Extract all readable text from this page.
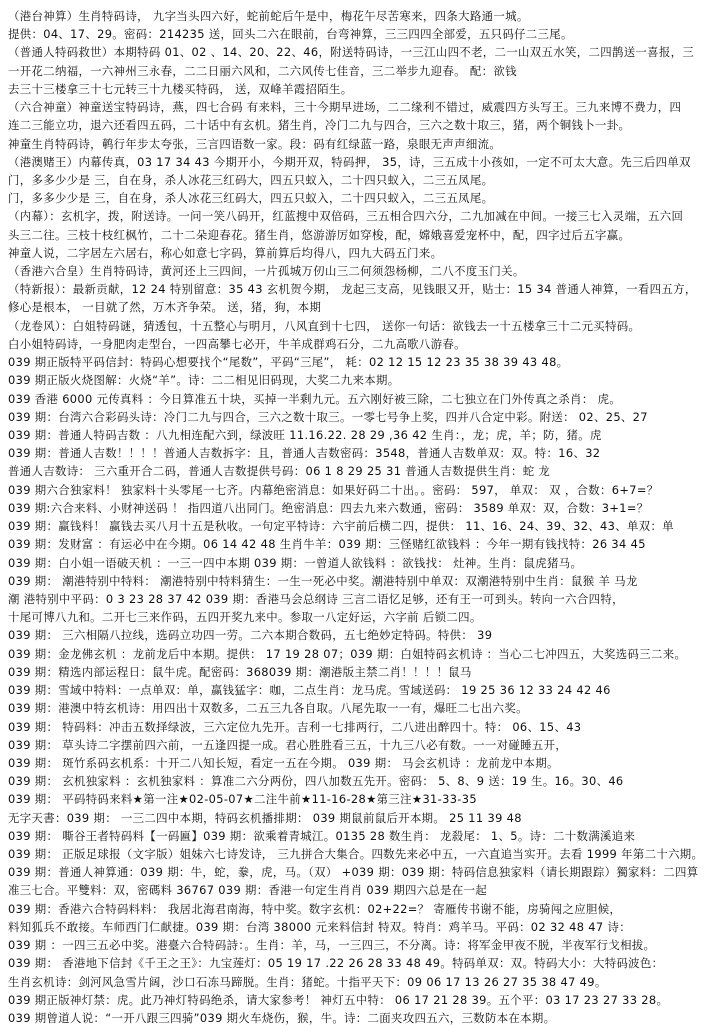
（港台神算）生肖特码诗， 九字当头四六好，蛇前蛇后午是中，梅花午尽苦寒来，四条大路通一城。
提供：04、17、29。密码：214235 送，回头二六在眼前，台弯神算，三三四四全部爱，五只码仔二三尾。
（普通人特码救世）本期特码 01、02 、14、20、22、46，附送特码诗，一三江山四不老，二一山双五水笑，二四鹊送一喜报，三
一开花二纳福，一六神州三永春，二二日丽六风和，二六风传七佳音，三二举步九迎春。 配：欲钱
去三十三楼拿三十七元转三十九楼买特码， 送，双峰羊霞招陌生。
（六合神童）神童送宝特码诗，燕，四七合码 有来料，三十今期早进场，二二缘利不错过，威震四方头写王。三九来博不费力，四
连二三能立功，退六还看四五码，二十话中有玄机。猪生肖，冷门二九与四合，三六之数十取三，猪，两个铜钱卜一卦。
神童生肖特码诗，鹌行年步太夸张，三言四语数一家。段：码有红绿蓝一路，泉眼无声声细流。
（港澳赌王）内幕传真，03 17 34 43 今期开小，今期开双，特码押， 35，诗，三五成十小孩如，一定不可太大意。先三后四单双
门，多多少少是 三，自在身，杀人冰花三红码大，四五只蚁入，二十四只蚁入，二三五凤尾。
门，多多少少是 三，自在身，杀人冰花三红码大，四五只蚁入，二十四只蚁入，二三五凤尾。
（内幕）：玄机字，拨，附送诗。一问一笑八码开，红蓝搜中双倍码，三五相合四六分，二九加减在中间。一接三七入灵端，五六回
头三二往。三枝十枝红枫竹，二十二朵迎春花。猪生肖，悠游游厉如穿梭，配，嫦娥喜爱宠杯中，配，四字过后五字赢。
神童人说，二字居左六居右，称心如意七字码，算前算后均得八，四九大码五门来。
（香港六合皇）生肖特码诗，黄河还上三四间，一片孤城万仞山三二何须怨杨柳，二八不度玉门关。
（特新报）：最新贡献，12 24 特别留意：35 43 玄机贺今期， 龙起三支高，见钱眼又开，贴士：15 34 普通人神算，一看四五方，
修心是根本， 一目就了然，万木齐争荣。 送，猪，狗，本期
（龙卷风）：白姐特码谜，猜透包，十五整心与明月，八风直到十七四， 送你一句话：欲钱去一十五楼拿三十二元买特码。
白小姐特码诗，一身肥肉走型台，一四高攀七必开，牛羊成群鸡石分，二九高歌八游春。
039 期正版特平码信封：特码心想要找个“尾数”，平码“三尾”， 耗：02 12 15 12 23 35 38 39 43 48。
039 期正版火烧图解：火烧“羊”。诗：二二相见旧码现，大奖二九来本期。
039 香港 6000 元传真料 ：今日算准五十块，买掉一半剩九元。五六刚好被三除，二七独立在门外传真之杀肖： 虎。
039 期：台湾六合彩码头诗：冷门二九与四合，三六之数十取三。一零七号争上奖，四并八合定中彩。附送： 02、25、27
039 期：普通人特码吉数 ：八九相连配六到，绿波旺 11.16.22. 28 29 ,36 42 生肖：，龙；虎，羊；防，猪。虎
039 期：普通人吉数！！！！普通人吉数拆字：且，普通人吉数密码：3548，普通人吉数单双：双。特：16、32
普通人吉数诗： 三六重开合二码，普通人吉数提供号码：06 1 8 29 25 31 普通人吉数提供生肖：蛇 龙
039 期六合独家料！ 独家料十头零尾一七齐。内幕绝密消息：如果好码二十出。。密码： 597， 单双： 双 ，合数：6+7=？
039 期:六合来料、小财神送码 ！ 指四道八出同门。绝密消息：四去九来六数通，密码： 3589 单双：双，合数：3+1=？
039 期：赢钱料！ 赢钱去买八月十五是秋收。一句定平特诗：六宇前后横二四，提供： 11、16、24、39、32、43、单双：单
039 期：发财富 ：有运必中在今期。06 14 42 48 生肖牛羊：039 期：三怪赌红欲钱料 ：今年一期有钱找特：26 34 45
039 期：白小姐一语破天机 ：一三一四中本期 039 期：一曾道人欲钱料 ：欲钱找： 灶神。生肖：鼠虎猪马。
039 期： 潮港特别中特料： 潮港特别中特料猜生：一生一死必中奖。潮港特别中单双：双潮港特别中生肖：鼠猴 羊 马龙
潮 港特别中平码：0 3 23 28 37 42 039 期：香港马会总纲诗 三言二语忆足够，还有王一可到头。转向一六合四特，
十尾可博八九和。二开七三来作码，五四开奖九来中。参取一八定好运，六字前 后锁二四。
039 期： 三六相隔八拉线，选码立功四一劳。二六本期合数码，五七绝妙定特码。特供： 39
039 期：金龙佛玄机 ：龙前龙后中本期。提供： 17 19 28 07；039 期：白姐特码玄机诗 ：当心二七冲四五，大奖选码三二来。
039 期：精选内部运程日：鼠牛虎。配密码：368039 期：潮港版主禁二肖！！！！鼠马
039 期：雪域中特料：一点单双：单，赢钱猛字：咖，二点生肖：龙马虎。雪域送码： 19 25 36 12 33 24 42 46
039 期：港澳中特玄机诗：用四出十双数多，二五三九各自取。八尾先取一一有，爆旺二七出六奖。
039 期： 特码料：冲击五数择绿波，三六定位九先开。吉利一七排两行，二八进出醉四十。特： 06、15、43
039 期： 草头诗二字摆前四六前，一五逢四提一成。君心胜胜看三五，十九三八必有数。一一对碰睡五开，
039 期： 斑竹系码玄机系：十开二八知长短，看定一五在今期。 039 期： 马会玄机诗 ：龙前龙中本期。
039 期： 玄机独家料 ：玄机独家料 ：算准二六分两份，四八加数五先开。密码： 5、8、9 送：19 生。16。30、46
039 期： 平码特码来料★第一注★02-05-07★二注牛前★11-16-28★第三注★31-33-35
无字天書：039 期： 一三二四中本期，特码玄机播排期： 039 期鼠前鼠后开本期。 25 11 39 48
039 期： 嘶谷王者特码料【一码匾】039 期：欲乘着青城江。0135 28 数生肖： 龙殺尾： 1、5。诗：二十数满溪追来
039 期： 正版足球报（文字版）姐妹六七诗发诗， 三九拼合大集合。四数先来必中五，一六直追当实开。去看 1999 年第二十六期。
039 期：普通人神算通：039 期：牛，蛇，豢，虎，马。（双） +039 期：039 期：特码信息独家料（请长期跟踪）獨家料：二四算
准三七合。平雙料：双，密碼料 36767 039 期：香港一句定生肖肖 039 期四六总是在一起
039 期：香港六合特码料料： 我居北海君南海，特中奖。数字玄机：02+22=？ 寄雁传书谢不能，房骑闯之应胆候，
料知狐兵不敢接。车师西门仁献捷。039 期：台湾 38000 元来料信封 特双。特肖：鸡羊马。平码：02 32 48 47 诗：
039 期 ：一四三五必中奖。港臺六合特码詩：。生肖：羊，马，一三四三，不分离。诗：将军金甲夜不脱，半夜军行戈相拔。
039 期： 香港地下信封《千王之王》：九宝莲灯：05 19 17 .22 26 28 33 48 49。特码单双：双。特码大小：大特码波色：
生肖玄机诗：剑河风急雪片阔，沙口石冻马蹄脱。生肖：猪蛇。十指平天下：09 06 17 13 26 27 35 38 47 49。
039 期正版神灯禁：虎。此乃神灯特码绝杀，请大家参考！ 神灯五中特： 06 17 21 28 39。五个平：03 17 23 27 33 28。
039 期曾道人说：“一开八跟三四骑”039 期火车烧伤，猴，牛。诗：二面夹攻四五六，三数防本在本期。
